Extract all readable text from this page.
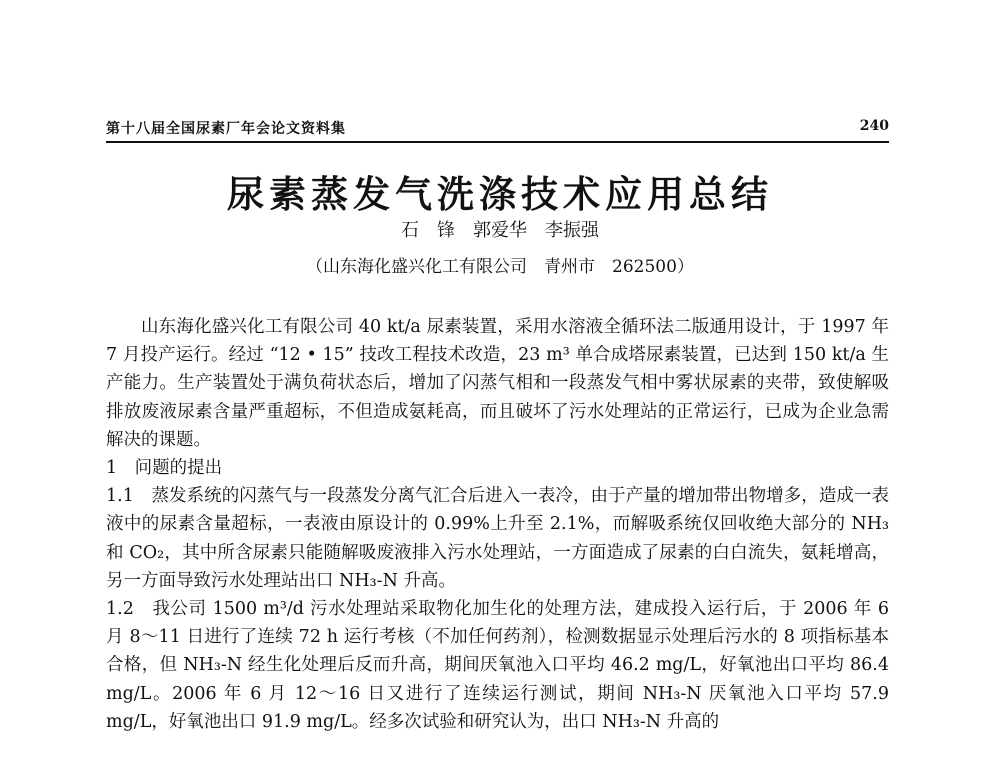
第十八届全国尿素厂年会论文资料集	240
尿素蒸发气洗涤技术应用总结
石　锋　郭爱华　李振强
（山东海化盛兴化工有限公司　青州市　262500）

山东海化盛兴化工有限公司 40 kt/a 尿素装置，采用水溶液全循环法二版通用设计，于 1997 年 7 月投产运行。经过 “12 • 15” 技改工程技术改造，23 m³ 单合成塔尿素装置，已达到 150 kt/a 生产能力。生产装置处于满负荷状态后，增加了闪蒸气相和一段蒸发气相中雾状尿素的夹带，致使解吸排放废液尿素含量严重超标，不但造成氨耗高，而且破坏了污水处理站的正常运行，已成为企业急需解决的课题。

1　问题的提出

1.1　蒸发系统的闪蒸气与一段蒸发分离气汇合后进入一表冷，由于产量的增加带出物增多，造成一表液中的尿素含量超标，一表液由原设计的 0.99%上升至 2.1%，而解吸系统仅回收绝大部分的 NH₃ 和 CO₂，其中所含尿素只能随解吸废液排入污水处理站，一方面造成了尿素的白白流失，氨耗增高，另一方面导致污水处理站出口 NH₃-N 升高。

1.2　我公司 1500 m³/d 污水处理站采取物化加生化的处理方法，建成投入运行后，于 2006 年 6 月 8～11 日进行了连续 72 h 运行考核（不加任何药剂），检测数据显示处理后污水的 8 项指标基本合格，但 NH₃-N 经生化处理后反而升高，期间厌氧池入口平均 46.2 mg/L，好氧池出口平均 86.4 mg/L。2006 年 6 月 12～16 日又进行了连续运行测试，期间 NH₃-N 厌氧池入口平均 57.9 mg/L，好氧池出口 91.9 mg/L。经多次试验和研究认为，出口 NH₃-N 升高的
